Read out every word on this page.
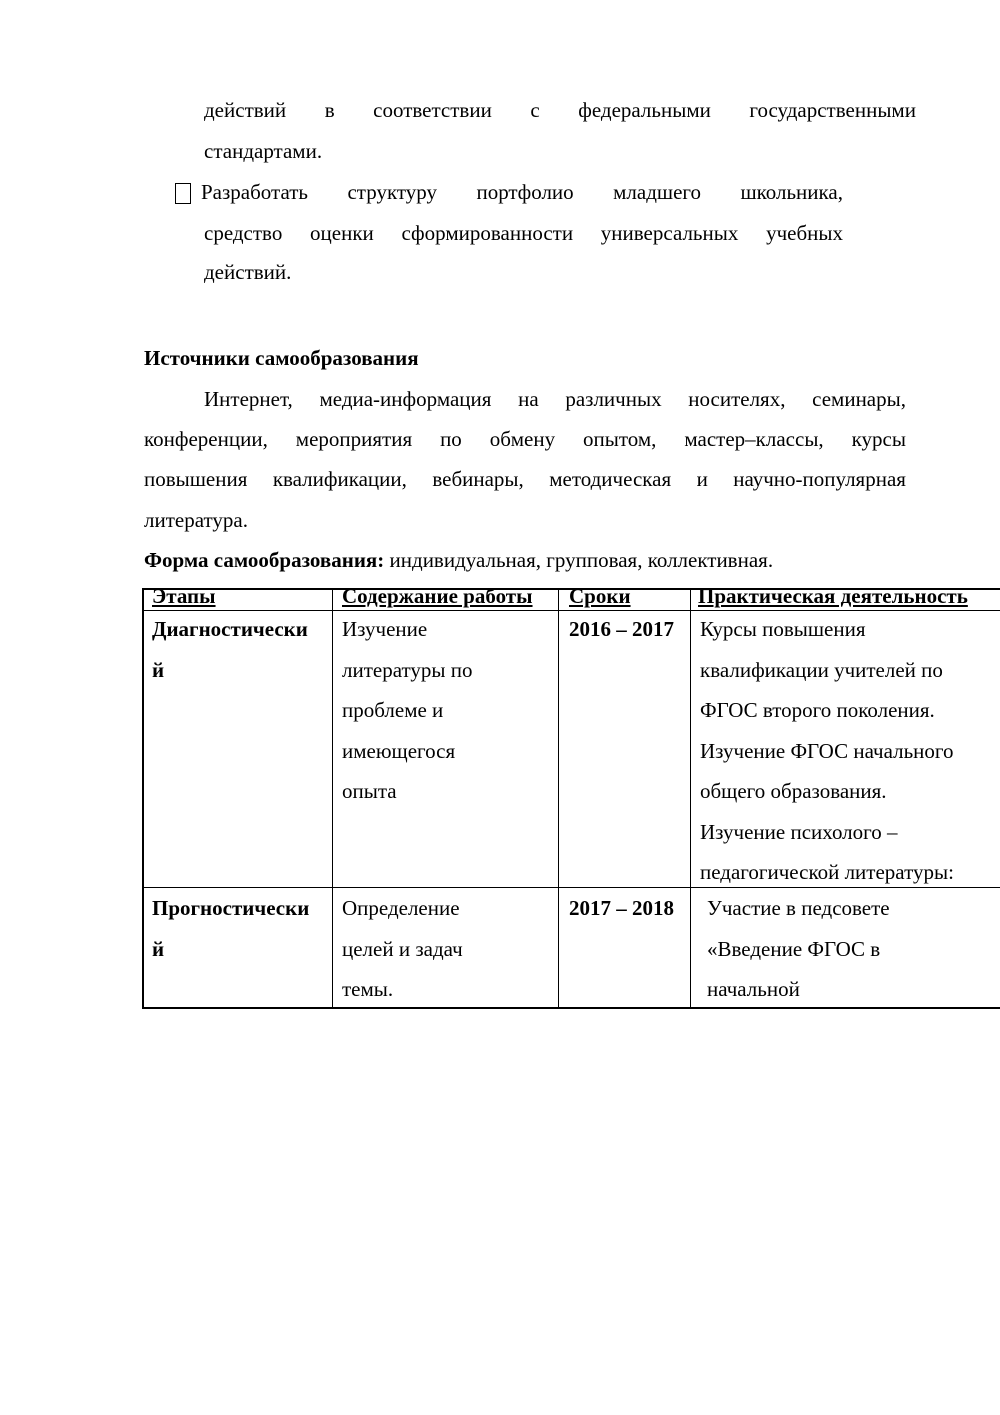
действий в соответствии с федеральными государственными
стандартами.
Разработать структуру портфолио младшего школьника,
средство оценки сформированности универсальных учебных
действий.
Источники самообразования
Интернет, медиа-информация на различных носителях, семинары,
конференции, мероприятия по обмену опытом, мастер–классы, курсы
повышения квалификации, вебинары, методическая и научно-популярная
литература.
Форма самообразования: индивидуальная, групповая, коллективная.
Этапы	Содержание работы Сроки	Практическая деятельность
Диагностически
й
Изучение
литературы по
проблеме и
имеющегося
опыта
2016 – 2017 Курсы повышения
квалификации учителей по
ФГОС второго поколения.
Изучение ФГОС начального
общего образования.
Изучение психолого –
педагогической литературы:
Прогностически
й
Определение
целей и задач
темы.
2017 – 2018 Участие в педсовете
«Введение ФГОС в
начальной
